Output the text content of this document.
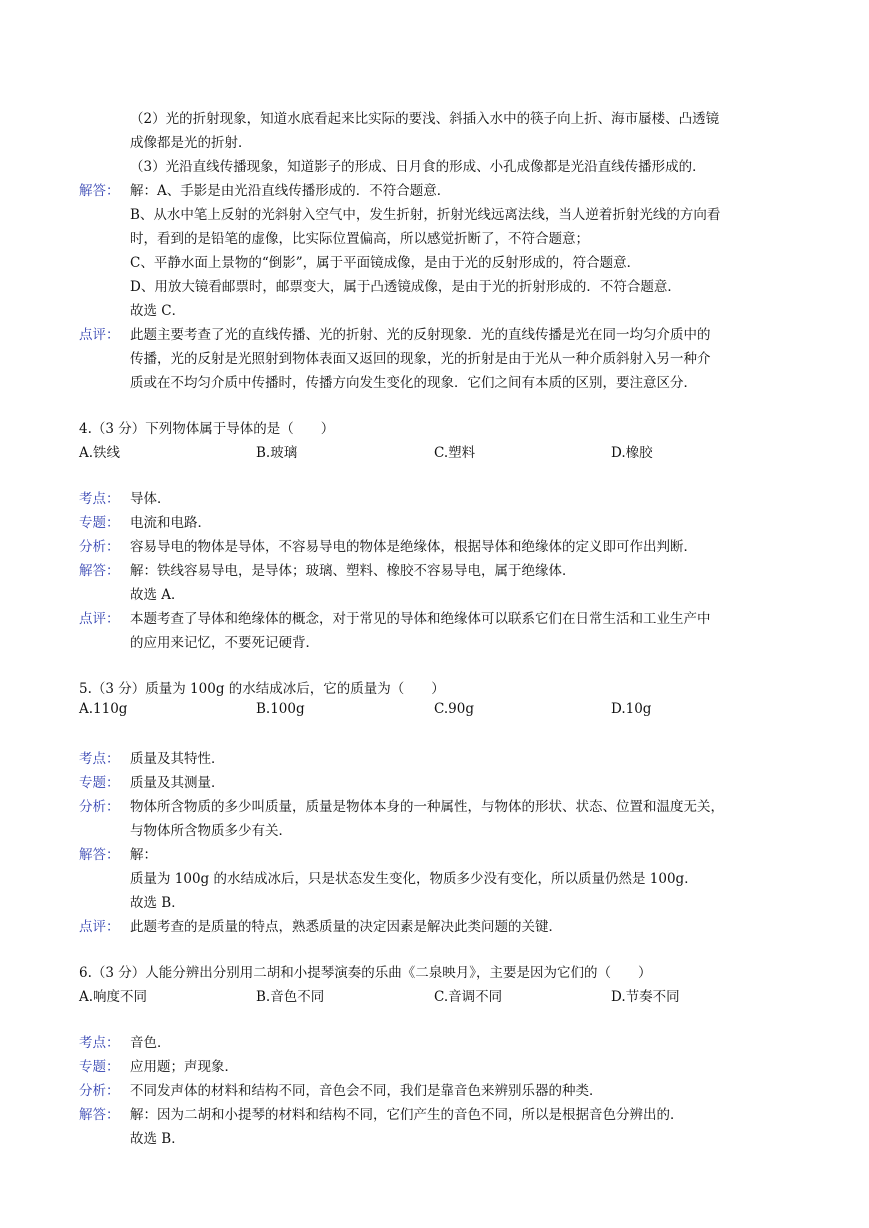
（2）光的折射现象，知道水底看起来比实际的要浅、斜插入水中的筷子向上折、海市蜃楼、凸透镜
成像都是光的折射．
（3）光沿直线传播现象，知道影子的形成、日月食的形成、小孔成像都是光沿直线传播形成的．
解答： 解：A、手影是由光沿直线传播形成的．不符合题意．
B、从水中笔上反射的光斜射入空气中，发生折射，折射光线远离法线，当人逆着折射光线的方向看
时，看到的是铅笔的虚像，比实际位置偏高，所以感觉折断了，不符合题意；
C、平静水面上景物的“倒影”，属于平面镜成像，是由于光的反射形成的，符合题意．
D、用放大镜看邮票时，邮票变大，属于凸透镜成像，是由于光的折射形成的．不符合题意．
故选 C．
点评： 此题主要考查了光的直线传播、光的折射、光的反射现象．光的直线传播是光在同一均匀介质中的
传播，光的反射是光照射到物体表面又返回的现象，光的折射是由于光从一种介质斜射入另一种介
质或在不均匀介质中传播时，传播方向发生变化的现象．它们之间有本质的区别，要注意区分．
4.（3 分）下列物体属于导体的是（　　）
A.铁线	B.玻璃	C.塑料	D.橡胶
考点： 导体．
专题： 电流和电路．
分析： 容易导电的物体是导体，不容易导电的物体是绝缘体，根据导体和绝缘体的定义即可作出判断．
解答： 解：铁线容易导电，是导体；玻璃、塑料、橡胶不容易导电，属于绝缘体．
故选 A．
点评： 本题考查了导体和绝缘体的概念，对于常见的导体和绝缘体可以联系它们在日常生活和工业生产中
的应用来记忆，不要死记硬背．
5.（3 分）质量为 100g 的水结成冰后，它的质量为（　　）
A.110g	B.100g	C.90g	D.10g
考点： 质量及其特性．
专题： 质量及其测量．
分析： 物体所含物质的多少叫质量，质量是物体本身的一种属性，与物体的形状、状态、位置和温度无关，
与物体所含物质多少有关．
解答： 解：
质量为 100g 的水结成冰后，只是状态发生变化，物质多少没有变化，所以质量仍然是 100g．
故选 B．
点评： 此题考查的是质量的特点，熟悉质量的决定因素是解决此类问题的关键．
6.（3 分）人能分辨出分别用二胡和小提琴演奏的乐曲《二泉映月》，主要是因为它们的（　　）
A.响度不同	B.音色不同	C.音调不同	D.节奏不同
考点： 音色．
专题： 应用题；声现象．
分析： 不同发声体的材料和结构不同，音色会不同，我们是靠音色来辨别乐器的种类．
解答： 解：因为二胡和小提琴的材料和结构不同，它们产生的音色不同，所以是根据音色分辨出的．
故选 B．
